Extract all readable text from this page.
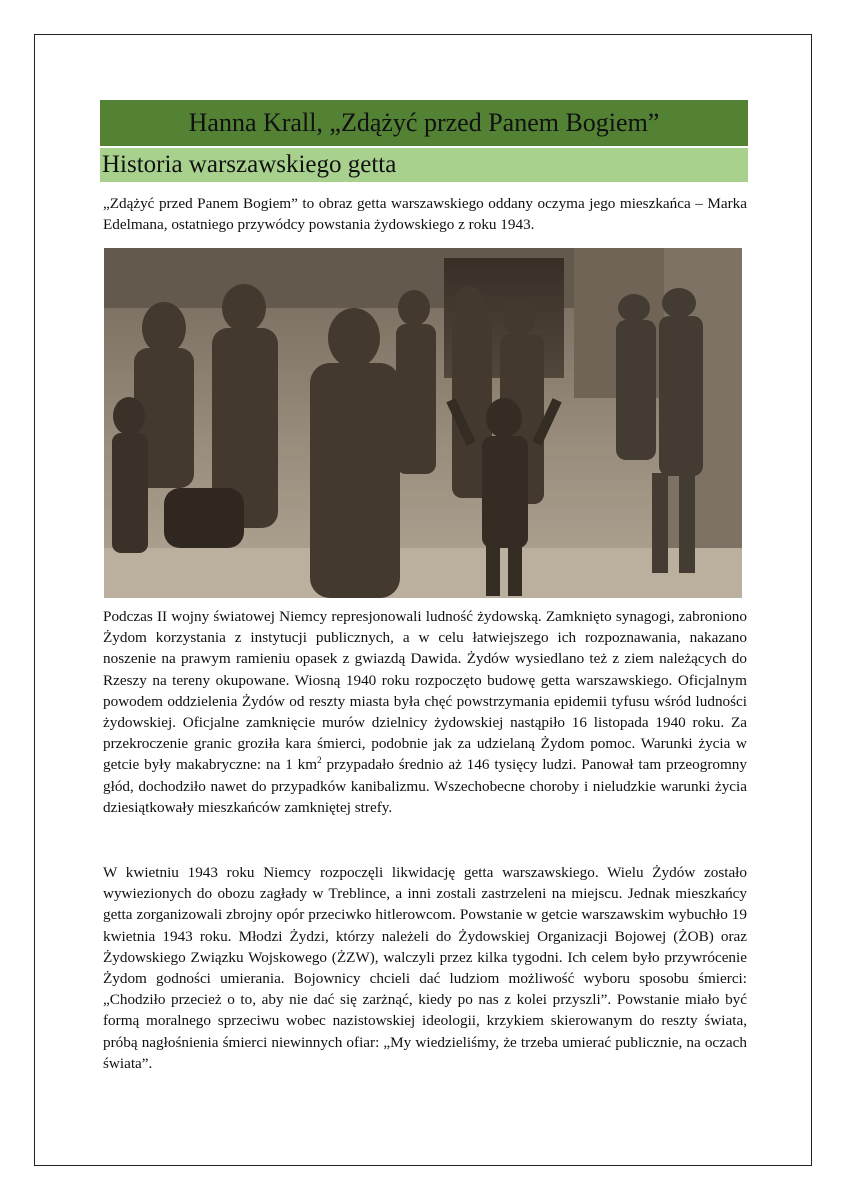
Hanna Krall, „Zdążyć przed Panem Bogiem”
Historia warszawskiego getta

„Zdążyć przed Panem Bogiem” to obraz getta warszawskiego oddany oczyma jego mieszkańca – Marka Edelmana, ostatniego przywódcy powstania żydowskiego z roku 1943.

Podczas II wojny światowej Niemcy represjonowali ludność żydowską. Zamknięto synagogi, zabroniono Żydom korzystania z instytucji publicznych, a w celu łatwiejszego ich rozpoznawania, nakazano noszenie na prawym ramieniu opasek z gwiazdą Dawida. Żydów wysiedlano też z ziem należących do Rzeszy na tereny okupowane. Wiosną 1940 roku rozpoczęto budowę getta warszawskiego. Oficjalnym powodem oddzielenia Żydów od reszty miasta była chęć powstrzymania epidemii tyfusu wśród ludności żydowskiej. Oficjalne zamknięcie murów dzielnicy żydowskiej nastąpiło 16 listopada 1940 roku. Za przekroczenie granic groziła kara śmierci, podobnie jak za udzielaną Żydom pomoc. Warunki życia w getcie były makabryczne: na 1 $km^2$ przypadało średnio aż 146 tysięcy ludzi. Panował tam przeogromny głód, dochodziło nawet do przypadków kanibalizmu. Wszechobecne choroby i nieludzkie warunki życia dziesiątkowały mieszkańców zamkniętej strefy.

W kwietniu 1943 roku Niemcy rozpoczęli likwidację getta warszawskiego. Wielu Żydów zostało wywiezionych do obozu zagłady w Treblince, a inni zostali zastrzeleni na miejscu. Jednak mieszkańcy getta zorganizowali zbrojny opór przeciwko hitlerowcom. Powstanie w getcie warszawskim wybuchło 19 kwietnia 1943 roku. Młodzi Żydzi, którzy należeli do Żydowskiej Organizacji Bojowej (ŻOB) oraz Żydowskiego Związku Wojskowego (ŻZW), walczyli przez kilka tygodni. Ich celem było przywrócenie Żydom godności umierania. Bojownicy chcieli dać ludziom możliwość wyboru sposobu śmierci: „Chodziło przecież o to, aby nie dać się zarżnąć, kiedy po nas z kolei przyszli”. Powstanie miało być formą moralnego sprzeciwu wobec nazistowskiej ideologii, krzykiem skierowanym do reszty świata, próbą nagłośnienia śmierci niewinnych ofiar: „My wiedzieliśmy, że trzeba umierać publicznie, na oczach świata”.
